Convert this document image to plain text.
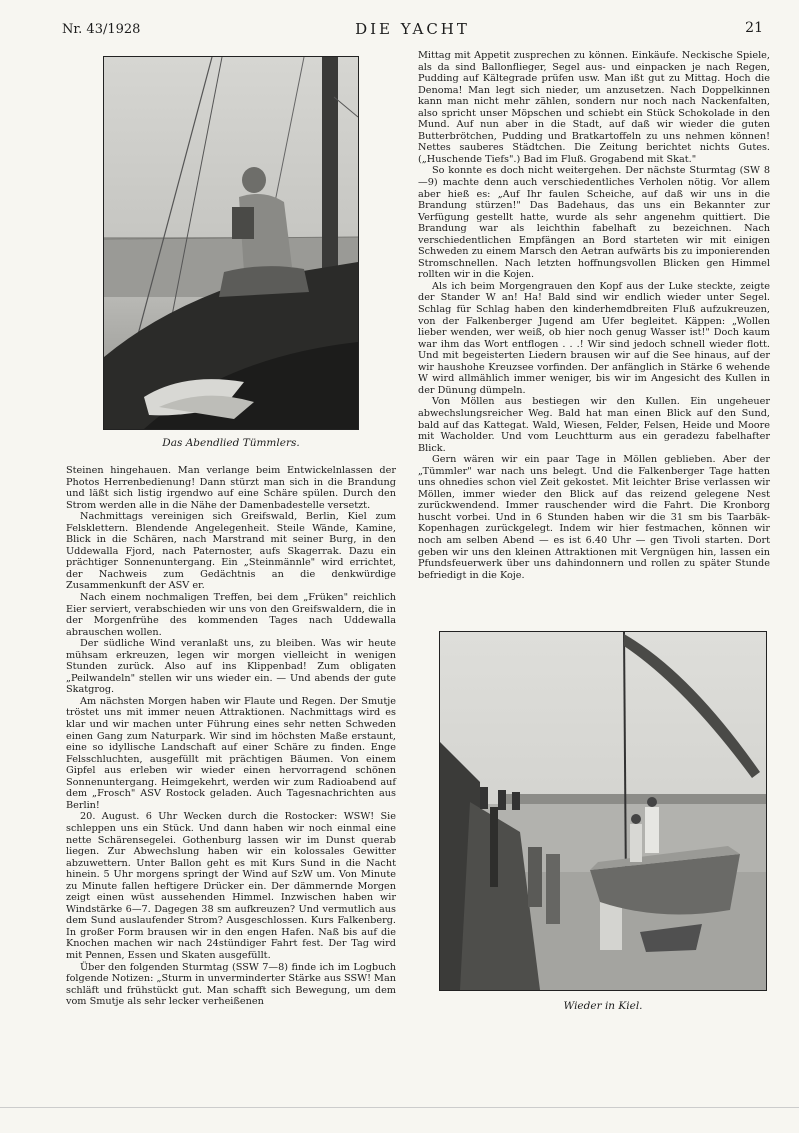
Nr. 43/1928	DIE YACHT	21
Das Abendlied Tümmlers.
Wieder in Kiel.

Steinen hingehauen. Man verlange beim Entwickelnlassen der Photos Herrenbedienung! Dann stürzt man sich in die Brandung und läßt sich listig irgendwo auf eine Schäre spülen. Durch den Strom werden alle in die Nähe der Damenbadestelle versetzt.

Nachmittags vereinigen sich Greifswald, Berlin, Kiel zum Felsklettern. Blendende Angelegenheit. Steile Wände, Kamine, Blick in die Schären, nach Marstrand mit seiner Burg, in den Uddewalla Fjord, nach Paternoster, aufs Skagerrak. Dazu ein prächtiger Sonnenuntergang. Ein „Steinmännle" wird errichtet, der Nachweis zum Gedächtnis an die denkwürdige Zusammenkunft der ASV er.

Nach einem nochmaligen Treffen, bei dem „Früken" reichlich Eier serviert, verabschieden wir uns von den Greifswaldern, die in der Morgenfrühe des kommenden Tages nach Uddewalla abrauschen wollen.

Der südliche Wind veranlaßt uns, zu bleiben. Was wir heute mühsam erkreuzen, legen wir morgen vielleicht in wenigen Stunden zurück. Also auf ins Klippenbad! Zum obligaten „Peilwandeln" stellen wir uns wieder ein. — Und abends der gute Skatgrog.

Am nächsten Morgen haben wir Flaute und Regen. Der Smutje tröstet uns mit immer neuen Attraktionen. Nachmittags wird es klar und wir machen unter Führung eines sehr netten Schweden einen Gang zum Naturpark. Wir sind im höchsten Maße erstaunt, eine so idyllische Landschaft auf einer Schäre zu finden. Enge Felsschluchten, ausgefüllt mit prächtigen Bäumen. Von einem Gipfel aus erleben wir wieder einen hervorragend schönen Sonnenuntergang. Heimgekehrt, werden wir zum Radioabend auf dem „Frosch" ASV Rostock geladen. Auch Tagesnachrichten aus Berlin!

20. August. 6 Uhr Wecken durch die Rostocker: WSW! Sie schleppen uns ein Stück. Und dann haben wir noch einmal eine nette Schärensegelei. Gothenburg lassen wir im Dunst querab liegen. Zur Abwechslung haben wir ein kolossales Gewitter abzuwettern. Unter Ballon geht es mit Kurs Sund in die Nacht hinein. 5 Uhr morgens springt der Wind auf SzW um. Von Minute zu Minute fallen heftigere Drücker ein. Der dämmernde Morgen zeigt einen wüst aussehenden Himmel. Inzwischen haben wir Windstärke 6—7. Dagegen 38 sm aufkreuzen? Und vermutlich aus dem Sund auslaufender Strom? Ausgeschlossen. Kurs Falkenberg. In großer Form brausen wir in den engen Hafen. Naß bis auf die Knochen machen wir nach 24stündiger Fahrt fest. Der Tag wird mit Pennen, Essen und Skaten ausgefüllt.

Über den folgenden Sturmtag (SSW 7—8) finde ich im Logbuch folgende Notizen: „Sturm in unverminderter Stärke aus SSW! Man schläft und frühstückt gut. Man schafft sich Bewegung, um dem vom Smutje als sehr lecker verheißenen

Mittag mit Appetit zusprechen zu können. Einkäufe. Neckische Spiele, als da sind Ballonflieger, Segel aus- und einpacken je nach Regen, Pudding auf Kältegrade prüfen usw. Man ißt gut zu Mittag. Hoch die Denoma! Man legt sich nieder, um anzusetzen. Nach Doppelkinnen kann man nicht mehr zählen, sondern nur noch nach Nackenfalten, also spricht unser Möpschen und schiebt ein Stück Schokolade in den Mund. Auf nun aber in die Stadt, auf daß wir wieder die guten Butterbrötchen, Pudding und Bratkartoffeln zu uns nehmen können! Nettes sauberes Städtchen. Die Zeitung berichtet nichts Gutes. („Huschende Tiefs".) Bad im Fluß. Grogabend mit Skat."

So konnte es doch nicht weitergehen. Der nächste Sturmtag (SW 8—9) machte denn auch verschiedentliches Verholen nötig. Vor allem aber hieß es: „Auf Ihr faulen Scheiche, auf daß wir uns in die Brandung stürzen!" Das Badehaus, das uns ein Bekannter zur Verfügung gestellt hatte, wurde als sehr angenehm quittiert. Die Brandung war als leichthin fabelhaft zu bezeichnen. Nach verschiedentlichen Empfängen an Bord starteten wir mit einigen Schweden zu einem Marsch den Aetran aufwärts bis zu imponierenden Stromschnellen. Nach letzten hoffnungsvollen Blicken gen Himmel rollten wir in die Kojen.

Als ich beim Morgengrauen den Kopf aus der Luke steckte, zeigte der Stander W an! Ha! Bald sind wir endlich wieder unter Segel. Schlag für Schlag haben den kinderhemdbreiten Fluß aufzukreuzen, von der Falkenberger Jugend am Ufer begleitet. Käppen: „Wollen lieber wenden, wer weiß, ob hier noch genug Wasser ist!" Doch kaum war ihm das Wort entflogen . . .! Wir sind jedoch schnell wieder flott. Und mit begeisterten Liedern brausen wir auf die See hinaus, auf der wir haushohe Kreuzsee vorfinden. Der anfänglich in Stärke 6 wehende W wird allmählich immer weniger, bis wir im Angesicht des Kullen in der Dünung dümpeln.

Von Möllen aus bestiegen wir den Kullen. Ein ungeheuer abwechslungsreicher Weg. Bald hat man einen Blick auf den Sund, bald auf das Kattegat. Wald, Wiesen, Felder, Felsen, Heide und Moore mit Wacholder. Und vom Leuchtturm aus ein geradezu fabelhafter Blick.

Gern wären wir ein paar Tage in Möllen geblieben. Aber der „Tümmler" war nach uns belegt. Und die Falkenberger Tage hatten uns ohnedies schon viel Zeit gekostet. Mit leichter Brise verlassen wir Möllen, immer wieder den Blick auf das reizend gelegene Nest zurückwendend. Immer rauschender wird die Fahrt. Die Kronborg huscht vorbei. Und in 6 Stunden haben wir die 31 sm bis Taarbäk-Kopenhagen zurückgelegt. Indem wir hier festmachen, können wir noch am selben Abend — es ist 6.40 Uhr — gen Tivoli starten. Dort geben wir uns den kleinen Attraktionen mit Vergnügen hin, lassen ein Pfundsfeuerwerk über uns dahindonnern und rollen zu später Stunde befriedigt in die Koje.
